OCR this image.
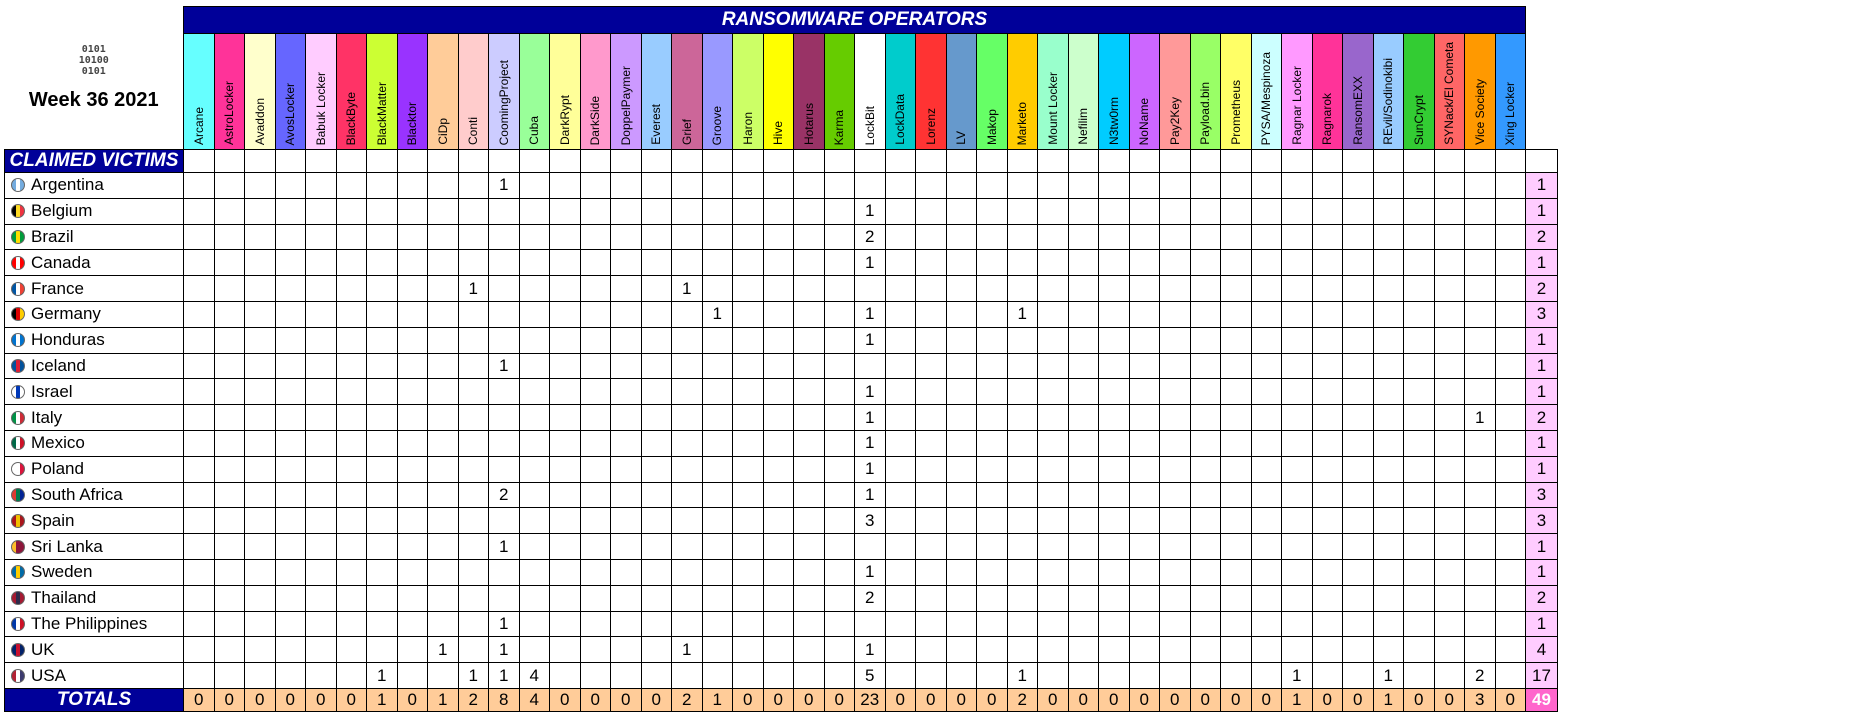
0101
10100
0101
Week 36 2021	RANSOMWARE OPERATORS																																												

	Arcane	AstroLocker	Avaddon	AvosLocker	Babuk Locker	BlackByte	BlackMatter	Blacktor	CiDp	Conti	CoomingProject	Cuba	DarkRypt	DarkSide	DoppelPaymer	Everest	Grief	Groove	Haron	Hive	Hotarus	Karma	LockBit	LockData	Lorenz	LV	Makop	Marketo	Mount Locker	Nefilim	N3tw0rm	NoName	Pay2Key	Payload.bin	Prometheus	PYSA/Mespinoza	Ragnar Locker	Ragnarok	RansomEXX	REvil/Sodinokibi	SunCrypt	SYNack/El Cometa	Vice Society	Xing Locker	

CLAIMED VICTIMS																																													
Argentina											1																																		1
Belgium																							1																						1
Brazil																							2																						2
Canada																							1																						1
France										1							1																												2
Germany																		1					1					1																	3
Honduras																							1																						1
Iceland											1																																		1
Israel																							1																						1
Italy																							1																				1		2
Mexico																							1																						1
Poland																							1																						1
South Africa											2												1																						3
Spain																							3																						3
Sri Lanka											1																																		1
Sweden																							1																						1
Thailand																							2																						2
The Philippines											1																																		1
UK									1		1						1						1																						4
USA							1			1	1	4											5					1									1			1			2		17
TOTALS	0	0	0	0	0	0	1	0	1	2	8	4	0	0	0	0	2	1	0	0	0	0	23	0	0	0	0	2	0	0	0	0	0	0	0	0	1	0	0	1	0	0	3	0	49
